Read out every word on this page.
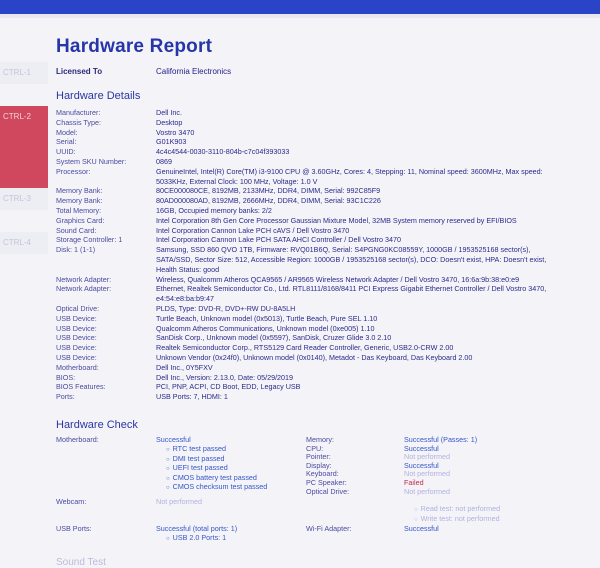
CTRL-1
CTRL-2
CTRL-3
CTRL-4
Hardware Report
Licensed To	California Electronics
Hardware Details
Manufacturer:	Dell Inc.
Chassis Type:	Desktop
Model:	Vostro 3470
Serial:	G01K903
UUID:	4c4c4544-0030-3110-804b-c7c04f393033
System SKU Number:	0869
Processor:	GenuineIntel, Intel(R) Core(TM) i3-9100 CPU @ 3.60GHz, Cores: 4, Stepping: 11, Nominal speed: 3600MHz, Max speed: 5033KHz, External Clock: 100 MHz, Voltage: 1.0 V
Memory Bank:	80CE000080CE, 8192MB, 2133MHz, DDR4, DIMM, Serial: 992C85F9
Memory Bank:	80AD000080AD, 8192MB, 2666MHz, DDR4, DIMM, Serial: 93C1C226
Total Memory:	16GB, Occupied memory banks: 2/2
Graphics Card:	Intel Corporation 8th Gen Core Processor Gaussian Mixture Model, 32MB System memory reserved by EFI/BIOS
Sound Card:	Intel Corporation Cannon Lake PCH cAVS / Dell Vostro 3470
Storage Controller: 1	Intel Corporation Cannon Lake PCH SATA AHCI Controller / Dell Vostro 3470
Disk: 1 (1-1)	Samsung, SSD 860 QVO 1TB, Firmware: RVQ01B6Q, Serial: S4PGNG0KC08559Y, 1000GB / 1953525168 sector(s), SATA/SSD, Sector Size: 512, Accessible Region: 1000GB / 1953525168 sector(s), DCO: Doesn't exist, HPA: Doesn't exist, Health Status: good
Network Adapter:	Wireless, Qualcomm Atheros QCA9565 / AR9565 Wireless Network Adapter / Dell Vostro 3470, 16:6a:9b:38:e0:e9
Network Adapter:	Ethernet, Realtek Semiconductor Co., Ltd. RTL8111/8168/8411 PCI Express Gigabit Ethernet Controller / Dell Vostro 3470, e4:54:e8:ba:b9:47
Optical Drive:	PLDS, Type: DVD-R, DVD+-RW DU-8A5LH
USB Device:	Turtle Beach, Unknown model (0x5013), Turtle Beach, Pure SEL 1.10
USB Device:	Qualcomm Atheros Communications, Unknown model (0xe005) 1.10
USB Device:	SanDisk Corp., Unknown model (0x5597), SanDisk, Cruzer Glide 3.0 2.10
USB Device:	Realtek Semiconductor Corp., RTS5129 Card Reader Controller, Generic, USB2.0-CRW 2.00
USB Device:	Unknown Vendor (0x24f0), Unknown model (0x0140), Metadot - Das Keyboard, Das Keyboard 2.00
Motherboard:	Dell Inc., 0Y5FXV
BIOS:	Dell Inc., Version: 2.13.0, Date: 05/29/2019
BIOS Features:	PCI, PNP, ACPI, CD Boot, EDD, Legacy USB
Ports:	USB Ports: 7, HDMI: 1
Hardware Check
Motherboard:	Successful
○ RTC test passed
○ DMI test passed
○ UEFI test passed
○ CMOS battery test passed
○ CMOS checksum test passed
Webcam:	Not performed
USB Ports:	Successful (total ports: 1)
○ USB 2.0 Ports: 1
Memory:	Successful (Passes: 1)
CPU:	Successful
Pointer:	Not performed
Display:	Successful
Keyboard:	Not performed
PC Speaker:	Failed
Optical Drive:	Not performed
○ Read test: not performed
○ Write test: not performed
Wi-Fi Adapter:	Successful
Sound Test
